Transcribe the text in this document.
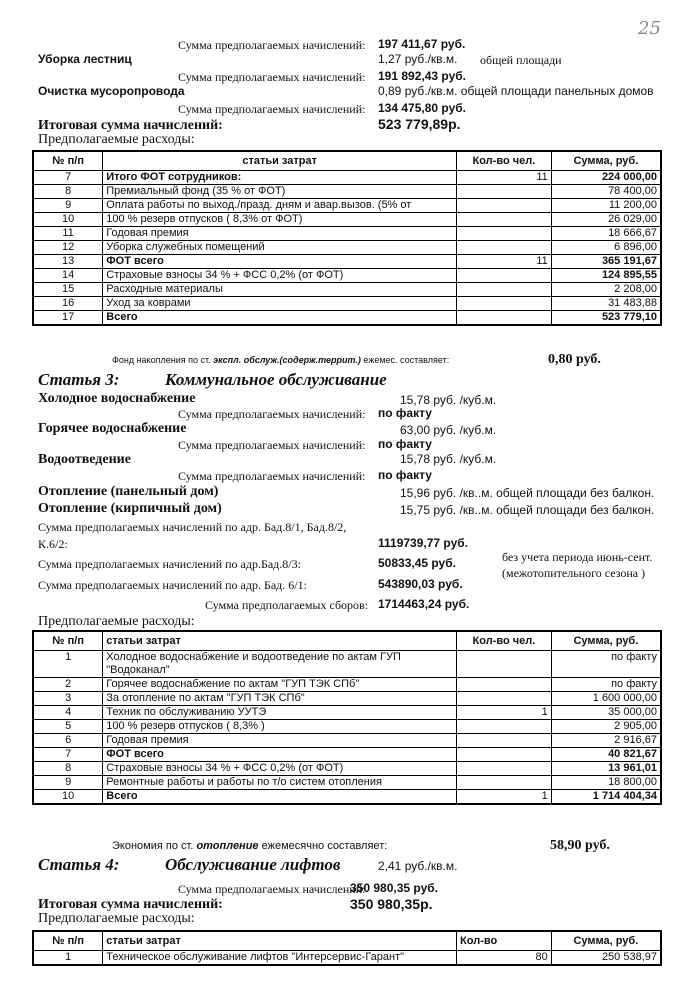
25
Сумма предполагаемых начислений: 197 411,67 руб.
Уборка лестниц	1,27 руб./кв.м. общей площади
Сумма предполагаемых начислений: 191 892,43 руб.
Очистка мусоропровода	0,89 руб./кв.м. общей площади панельных домов
Сумма предполагаемых начислений: 134 475,80 руб.
Итоговая сумма начислений:	523 779,89р.
Предполагаемые расходы:
№ п/п	статьи затрат	Кол-во чел.	Сумма, руб.
7	Итого ФОТ сотрудников:	11	224 000,00
8	Премиальный фонд (35 % от ФОТ)		78 400,00
9	Оплата работы по выход./празд. дням и авар.вызов. (5% от		11 200,00
10	100 % резерв отпусков ( 8,3% от ФОТ)		26 029,00
11	Годовая премия		18 666,67
12	Уборка служебных помещений		6 896,00
13	ФОТ всего	11	365 191,67
14	Страховые взносы 34 % + ФСС 0,2% (от ФОТ)		124 895,55
15	Расходные материалы		2 208,00
16	Уход за коврами		31 483,88
17	Всего		523 779,10
Фонд накопления по ст. экспл. обслуж.(содерж.террит.) ежемес. составляет:	0,80 руб.
Статья 3:	Коммунальное обслуживание
Холодное водоснабжение	15,78 руб. /куб.м.
Сумма предполагаемых начислений: по факту
Горячее водоснабжение	63,00 руб. /куб.м.
Сумма предполагаемых начислений: по факту
Водоотведение	15,78 руб. /куб.м.
Сумма предполагаемых начислений: по факту
Отопление (панельный дом)	15,96 руб. /кв..м. общей площади без балкон.
Отопление (кирпичный дом)	15,75 руб. /кв..м. общей площади без балкон.
Сумма предполагаемых начислений по адр. Бад.8/1, Бад.8/2,
К.6/2:	1119739,77 руб.
Сумма предполагаемых начислений по адр.Бад.8/3:	50833,45 руб.	без учета периода июнь-сент.
(межотопительного сезона )
Сумма предполагаемых начислений по адр. Бад. 6/1:	543890,03 руб.
Сумма предполагаемых сборов: 1714463,24 руб.
Предполагаемые расходы:
№ п/п	статьи затрат	Кол-во чел.	Сумма, руб.
1	Холодное водоснабжение и водоотведение по актам ГУП
"Водоканал"		по факту
2	Горячее водоснабжение по актам "ГУП ТЭК СПб"		по факту
3	За отопление по актам "ГУП ТЭК СПб"		1 600 000,00
4	Техник по обслуживанию УУТЭ	1	35 000,00
5	100 % резерв отпусков ( 8,3% )		2 905,00
6	Годовая премия		2 916,67
7	ФОТ всего		40 821,67
8	Страховые взносы 34 % + ФСС 0,2% (от ФОТ)		13 961,01
9	Ремонтные работы и работы по т/о систем отопления		18 800,00
10	Всего	1	1 714 404,34
Экономия по ст. отопление ежемесячно составляет:	58,90 руб.
Статья 4:	Обслуживание лифтов	2,41 руб./кв.м.
Сумма предполагаемых начислений:
350 980,35 руб.
Итоговая сумма начислений:	350 980,35р.
Предполагаемые расходы:
№ п/п	статьи затрат	Кол-во	Сумма, руб.
1	Техническое обслуживание лифтов "Интерсервис-Гарант"	80	250 538,97
